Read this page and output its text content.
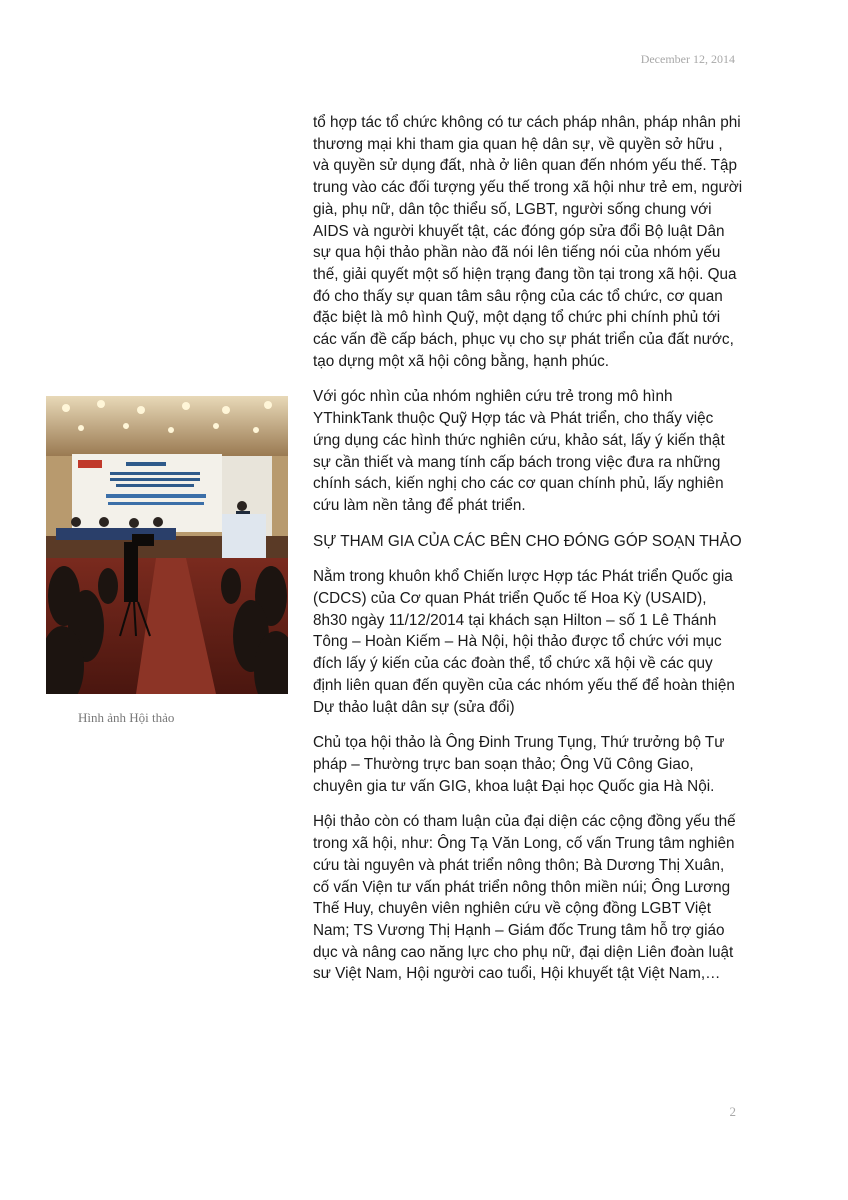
December 12, 2014

tổ hợp tác tổ chức không có tư cách pháp nhân, pháp nhân phi thương mại khi tham gia quan hệ dân sự, về quyền sở hữu , và quyền sử dụng đất, nhà ở liên quan đến nhóm yếu thế. Tập trung vào các đối tượng yếu thế trong xã hội như trẻ em, người già, phụ nữ, dân tộc thiểu số, LGBT, người sống chung với AIDS và người khuyết tật, các đóng góp sửa đổi Bộ luật Dân sự qua hội thảo phần nào đã nói lên tiếng nói của nhóm yếu thế, giải quyết một số hiện trạng đang tồn tại trong xã hội. Qua đó cho thấy sự quan tâm sâu rộng của các tổ chức, cơ quan đặc biệt là mô hình Quỹ, một dạng tổ chức phi chính phủ tới các vấn đề cấp bách, phục vụ cho sự phát triển của đất nước, tạo dựng một xã hội công bằng, hạnh phúc.

Với góc nhìn của nhóm nghiên cứu trẻ trong mô hình YThinkTank thuộc Quỹ Hợp tác và Phát triển, cho thấy việc ứng dụng các hình thức nghiên cứu, khảo sát, lấy ý kiến thật sự cần thiết và mang tính cấp bách trong việc đưa ra những chính sách, kiến nghị cho các cơ quan chính phủ, lấy nghiên cứu làm nền tảng để phát triển.

SỰ THAM GIA CỦA CÁC BÊN CHO ĐÓNG GÓP SOẠN THẢO

Nằm trong khuôn khổ Chiến lược Hợp tác Phát triển Quốc gia (CDCS) của Cơ quan Phát triển Quốc tế Hoa Kỳ (USAID), 8h30 ngày 11/12/2014 tại khách sạn Hilton – số 1 Lê Thánh Tông – Hoàn Kiếm – Hà Nội, hội thảo được tổ chức với mục đích lấy ý kiến của các đoàn thể, tổ chức xã hội về các quy định liên quan đến quyền của các nhóm yếu thế để hoàn thiện Dự thảo luật dân sự (sửa đổi)

Chủ tọa hội thảo là Ông Đinh Trung Tụng, Thứ trưởng bộ Tư pháp – Thường trực ban soạn thảo; Ông Vũ Công Giao, chuyên gia tư vấn GIG, khoa luật Đại học Quốc gia Hà Nội.

Hội thảo còn có tham luận của đại diện các cộng đồng yếu thế trong xã hội, như: Ông Tạ Văn Long, cố vấn Trung tâm nghiên cứu tài nguyên và phát triển nông thôn; Bà Dương Thị Xuân, cố vấn Viện tư vấn phát triển nông thôn miền núi; Ông Lương Thế Huy, chuyên viên nghiên cứu về cộng đồng LGBT Việt Nam; TS Vương Thị Hạnh – Giám đốc Trung tâm hỗ trợ giáo dục và nâng cao năng lực cho phụ nữ, đại diện Liên đoàn luật sư Việt Nam, Hội người cao tuổi, Hội khuyết tật Việt Nam,…

Hình ảnh Hội thảo
2
